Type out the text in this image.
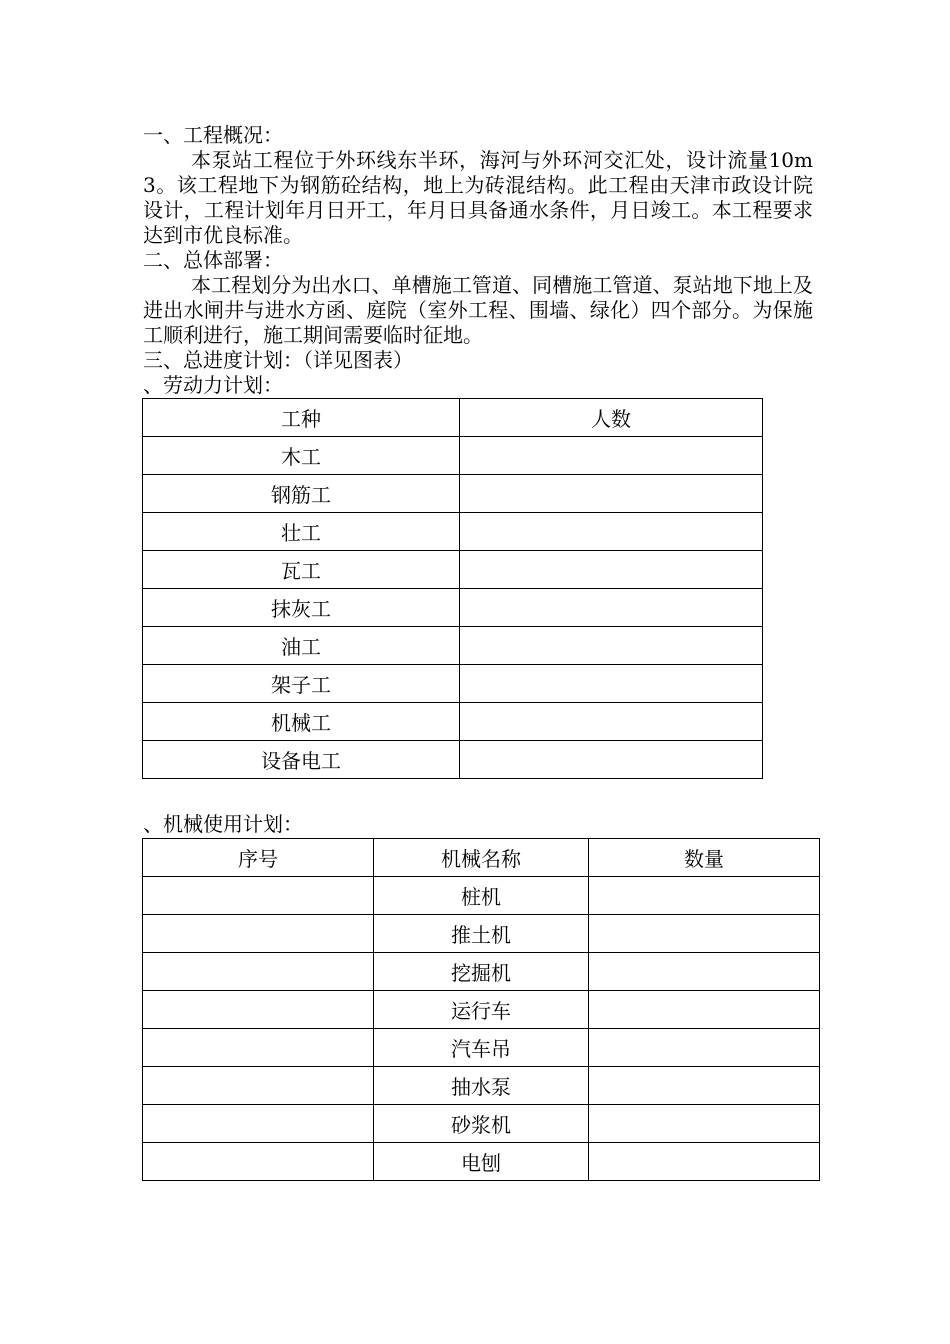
一、工程概况：
本泵站工程位于外环线东半环，海河与外环河交汇处，设计流量10m3。该工程地下为钢筋砼结构，地上为砖混结构。此工程由天津市政设计院设计，工程计划年月日开工，年月日具备通水条件，月日竣工。本工程要求达到市优良标准。
二、总体部署：
本工程划分为出水口、单槽施工管道、同槽施工管道、泵站地下地上及进出水闸井与进水方函、庭院（室外工程、围墙、绿化）四个部分。为保施工顺利进行，施工期间需要临时征地。
三、总进度计划：（详见图表）
、劳动力计划：
工种	人数
木工	
钢筋工	
壮工	
瓦工	
抹灰工	
油工	
架子工	
机械工	
设备电工	
、机械使用计划：
序号	机械名称	数量
	桩机	
	推土机	
	挖掘机	
	运行车	
	汽车吊	
	抽水泵	
	砂浆机	
	电刨	
